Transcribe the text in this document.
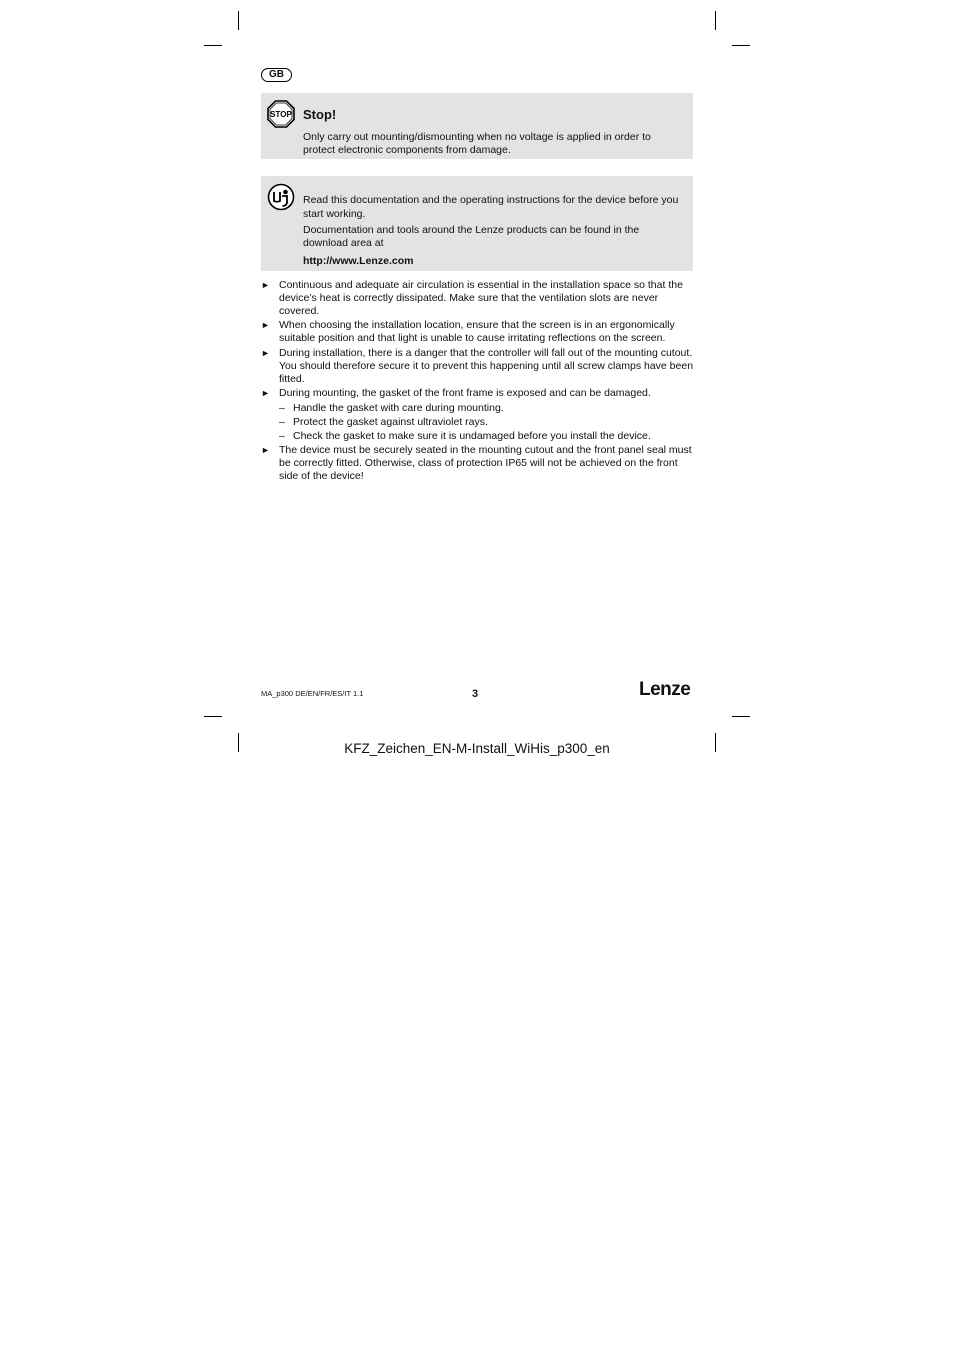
GB
STOP Stop!
Only carry out mounting/dismounting when no voltage is applied in order to protect electronic components from damage.
Read this documentation and the operating instructions for the device before you start working.
Documentation and tools around the Lenze products can be found in the download area at
http://www.Lenze.com
► Continuous and adequate air circulation is essential in the installation space so that the device’s heat is correctly dissipated. Make sure that the ventilation slots are never covered.
► When choosing the installation location, ensure that the screen is in an ergonomically suitable position and that light is unable to cause irritating reflections on the screen.
► During installation, there is a danger that the controller will fall out of the mounting cutout. You should therefore secure it to prevent this happening until all screw clamps have been fitted.
► During mounting, the gasket of the front frame is exposed and can be damaged.
– Handle the gasket with care during mounting.
– Protect the gasket against ultraviolet rays.
– Check the gasket to make sure it is undamaged before you install the device.
► The device must be securely seated in the mounting cutout and the front panel seal must be correctly fitted. Otherwise, class of protection IP65 will not be achieved on the front side of the device!
MA_p300 DE/EN/FR/ES/IT 1.1	3	Lenze
KFZ_Zeichen_EN-M-Install_WiHis_p300_en
